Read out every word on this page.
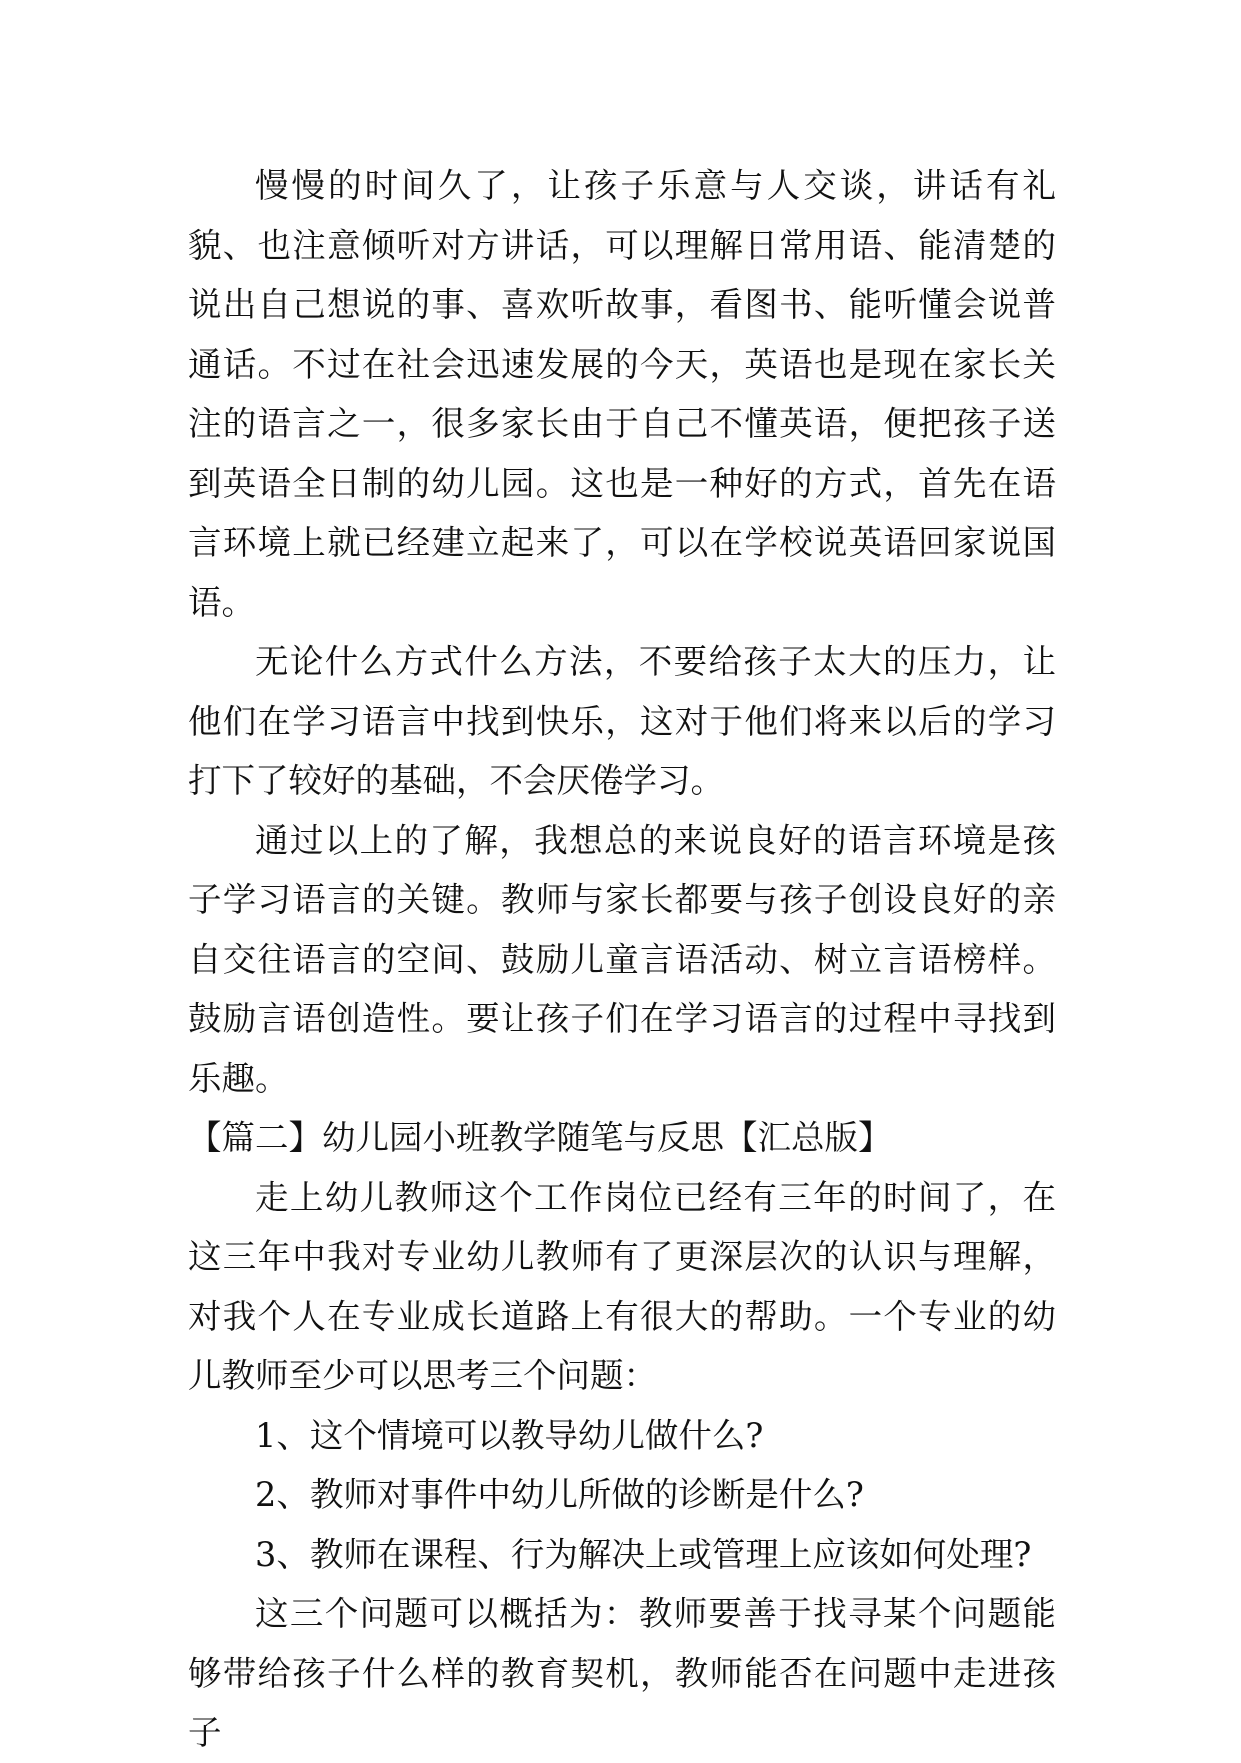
慢慢的时间久了，让孩子乐意与人交谈，讲话有礼貌、也注意倾听对方讲话，可以理解日常用语、能清楚的说出自己想说的事、喜欢听故事，看图书、能听懂会说普通话。不过在社会迅速发展的今天，英语也是现在家长关注的语言之一，很多家长由于自己不懂英语，便把孩子送到英语全日制的幼儿园。这也是一种好的方式，首先在语言环境上就已经建立起来了，可以在学校说英语回家说国语。

无论什么方式什么方法，不要给孩子太大的压力，让他们在学习语言中找到快乐，这对于他们将来以后的学习打下了较好的基础，不会厌倦学习。

通过以上的了解，我想总的来说良好的语言环境是孩子学习语言的关键。教师与家长都要与孩子创设良好的亲自交往语言的空间、鼓励儿童言语活动、树立言语榜样。鼓励言语创造性。要让孩子们在学习语言的过程中寻找到乐趣。

【篇二】幼儿园小班教学随笔与反思【汇总版】

走上幼儿教师这个工作岗位已经有三年的时间了，在这三年中我对专业幼儿教师有了更深层次的认识与理解，对我个人在专业成长道路上有很大的帮助。一个专业的幼儿教师至少可以思考三个问题：

1、这个情境可以教导幼儿做什么?

2、教师对事件中幼儿所做的诊断是什么?

3、教师在课程、行为解决上或管理上应该如何处理?

这三个问题可以概括为：教师要善于找寻某个问题能够带给孩子什么样的教育契机，教师能否在问题中走进孩子
